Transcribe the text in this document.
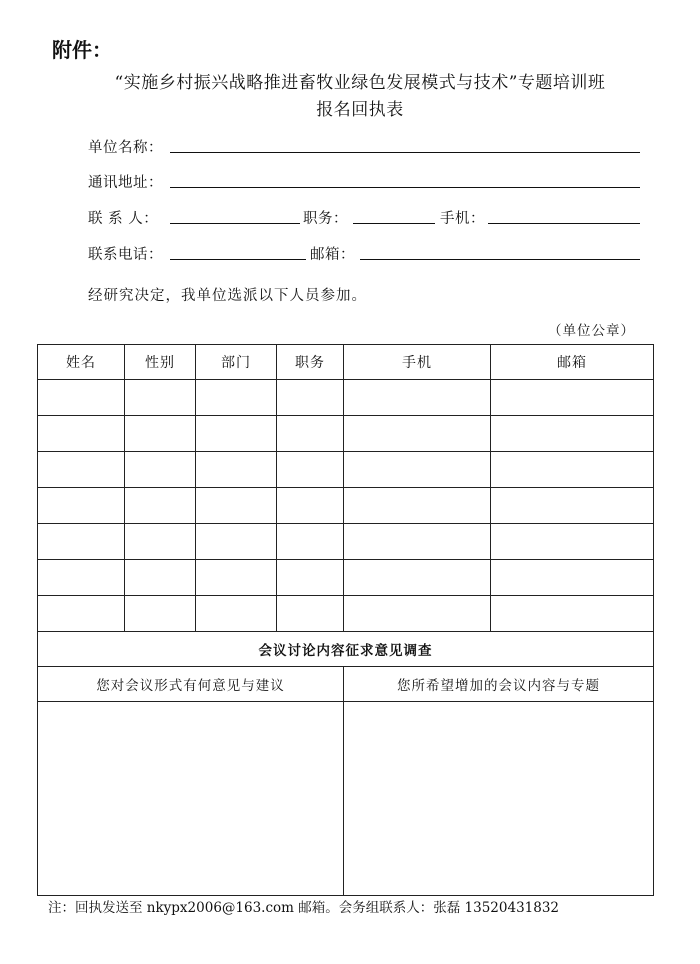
附件：
“实施乡村振兴战略推进畜牧业绿色发展模式与技术”专题培训班
报名回执表
单位名称：
通讯地址：
联 系 人：	职务：	手机：
联系电话：	邮箱：
经研究决定，我单位选派以下人员参加。
（单位公章）
姓名	性别	部门	职务	手机	邮箱

会议讨论内容征求意见调查					
您对会议形式有何意见与建议				您所希望增加的会议内容与专题	

注：回执发送至 nkypx2006@163.com 邮箱。会务组联系人：张磊 13520431832
